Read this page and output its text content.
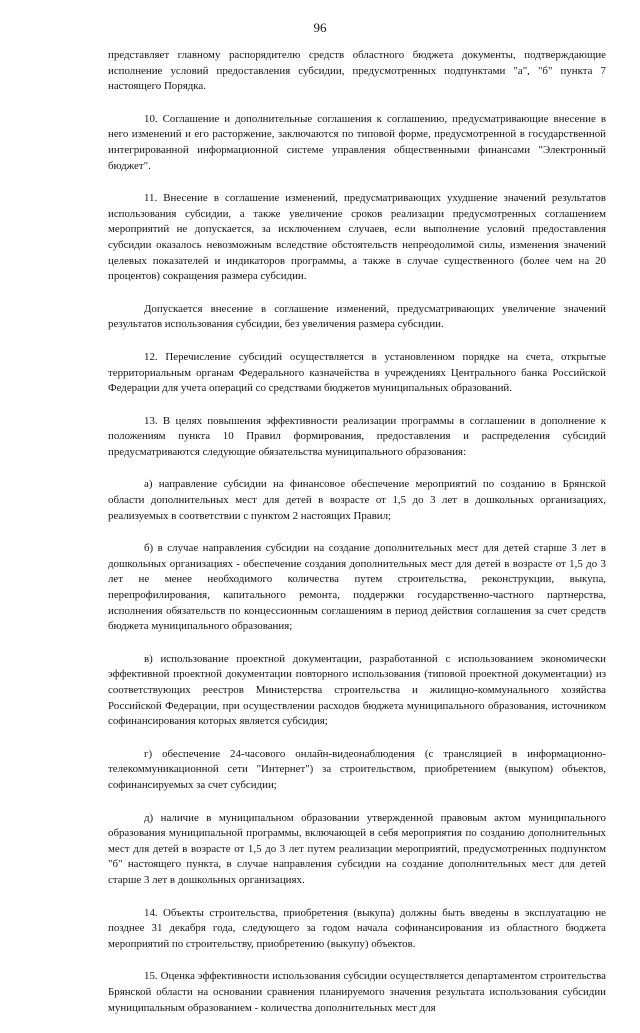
96

представляет главному распорядителю средств областного бюджета документы, подтверждающие исполнение условий предоставления субсидии, предусмотренных подпунктами "а", "б" пункта 7 настоящего Порядка.

10. Соглашение и дополнительные соглашения к соглашению, предусматривающие внесение в него изменений и его расторжение, заключаются по типовой форме, предусмотренной в государственной интегрированной информационной системе управления общественными финансами "Электронный бюджет".

11. Внесение в соглашение изменений, предусматривающих ухудшение значений результатов использования субсидии, а также увеличение сроков реализации предусмотренных соглашением мероприятий не допускается, за исключением случаев, если выполнение условий предоставления субсидии оказалось невозможным вследствие обстоятельств непреодолимой силы, изменения значений целевых показателей и индикаторов программы, а также в случае существенного (более чем на 20 процентов) сокращения размера субсидии.

Допускается внесение в соглашение изменений, предусматривающих увеличение значений результатов использования субсидии, без увеличения размера субсидии.

12. Перечисление субсидий осуществляется в установленном порядке на счета, открытые территориальным органам Федерального казначейства в учреждениях Центрального банка Российской Федерации для учета операций со средствами бюджетов муниципальных образований.

13. В целях повышения эффективности реализации программы в соглашении в дополнение к положениям пункта 10 Правил формирования, предоставления и распределения субсидий предусматриваются следующие обязательства муниципального образования:

а) направление субсидии на финансовое обеспечение мероприятий по созданию в Брянской области дополнительных мест для детей в возрасте от 1,5 до 3 лет в дошкольных организациях, реализуемых в соответствии с пунктом 2 настоящих Правил;

б) в случае направления субсидии на создание дополнительных мест для детей старше 3 лет в дошкольных организациях - обеспечение создания дополнительных мест для детей в возрасте от 1,5 до 3 лет не менее необходимого количества путем строительства, реконструкции, выкупа, перепрофилирования, капитального ремонта, поддержки государственно-частного партнерства, исполнения обязательств по концессионным соглашениям в период действия соглашения за счет средств бюджета муниципального образования;

в) использование проектной документации, разработанной с использованием экономически эффективной проектной документации повторного использования (типовой проектной документации) из соответствующих реестров Министерства строительства и жилищно-коммунального хозяйства Российской Федерации, при осуществлении расходов бюджета муниципального образования, источником софинансирования которых является субсидия;

г) обеспечение 24-часового онлайн-видеонаблюдения (с трансляцией в информационно-телекоммуникационной сети "Интернет") за строительством, приобретением (выкупом) объектов, софинансируемых за счет субсидии;

д) наличие в муниципальном образовании утвержденной правовым актом муниципального образования муниципальной программы, включающей в себя мероприятия по созданию дополнительных мест для детей в возрасте от 1,5 до 3 лет путем реализации мероприятий, предусмотренных подпунктом "б" настоящего пункта, в случае направления субсидии на создание дополнительных мест для детей старше 3 лет в дошкольных организациях.

14. Объекты строительства, приобретения (выкупа) должны быть введены в эксплуатацию не позднее 31 декабря года, следующего за годом начала софинансирования из областного бюджета мероприятий по строительству, приобретению (выкупу) объектов.

15. Оценка эффективности использования субсидии осуществляется департаментом строительства Брянской области на основании сравнения планируемого значения результата использования субсидии муниципальным образованием - количества дополнительных мест для
